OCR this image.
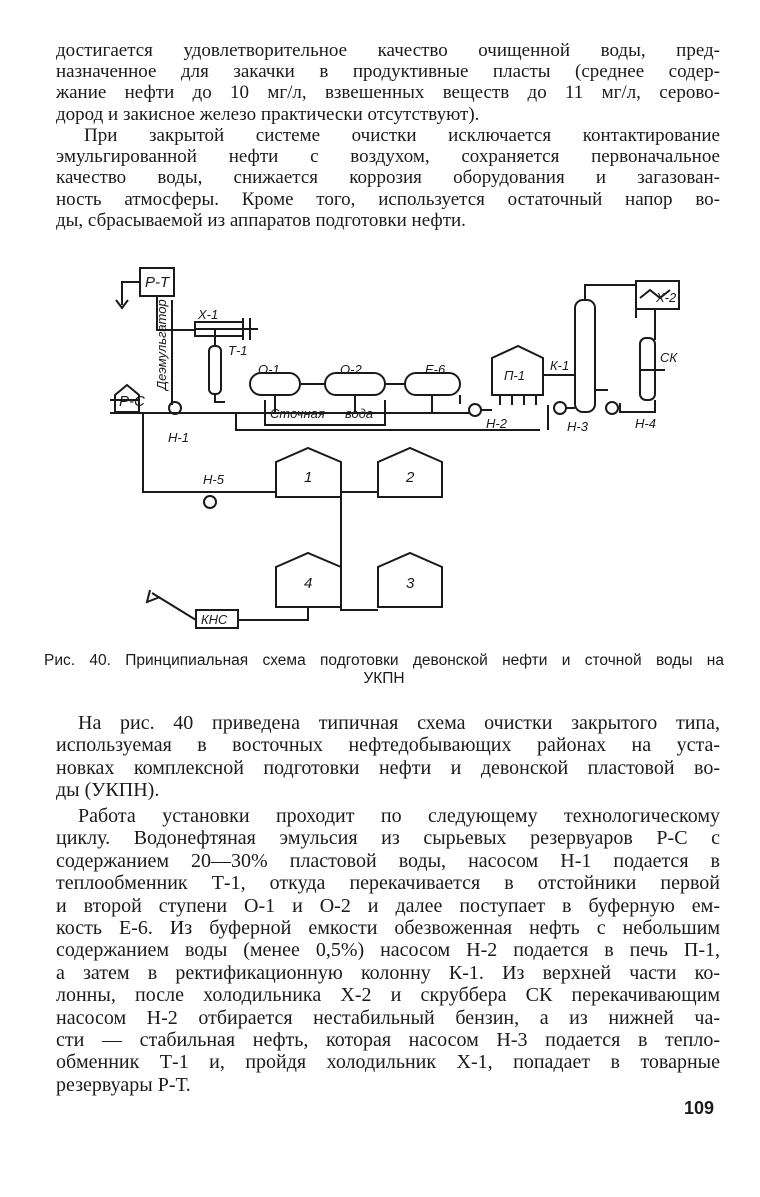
достигается удовлетворительное качество очищенной воды, пред-
назначенное для закачки в продуктивные пласты (среднее содер-
жание нефти до 10 мг/л, взвешенных веществ до 11 мг/л, серово-
дород и закисное железо практически отсутствуют).
При закрытой системе очистки исключается контактирование
эмульгированной нефти с воздухом, сохраняется первоначальное
качество воды, снижается коррозия оборудования и загазован-
ность атмосферы. Кроме того, используется остаточный напор во-
ды, сбрасываемой из аппаратов подготовки нефти.
Р-Т
Р-С
Х-1
Т-1
О-1	О-2	Е-6	П-1
К-1
Х-2
СК
Н-1
Н-2	Н-3	Н-4
Н-5
КНС
Деэмульгатор
Сточная вода
1	2
3
4
Рис. 40. Принципиальная схема подготовки девонской нефти и сточной воды на
УКПН
На рис. 40 приведена типичная схема очистки закрытого типа,
используемая в восточных нефтедобывающих районах на уста-
новках комплексной подготовки нефти и девонской пластовой во-
ды (УКПН).
Работа установки проходит по следующему технологическому
циклу. Водонефтяная эмульсия из сырьевых резервуаров Р-С с
содержанием 20—30% пластовой воды, насосом Н-1 подается в
теплообменник Т-1, откуда перекачивается в отстойники первой
и второй ступени О-1 и О-2 и далее поступает в буферную ем-
кость Е-6. Из буферной емкости обезвоженная нефть с небольшим
содержанием воды (менее 0,5%) насосом Н-2 подается в печь П-1,
а затем в ректификационную колонну К-1. Из верхней части ко-
лонны, после холодильника Х-2 и скруббера СК перекачивающим
насосом Н-2 отбирается нестабильный бензин, а из нижней ча-
сти — стабильная нефть, которая насосом Н-3 подается в тепло-
обменник Т-1 и, пройдя холодильник Х-1, попадает в товарные
резервуары Р-Т.
109
